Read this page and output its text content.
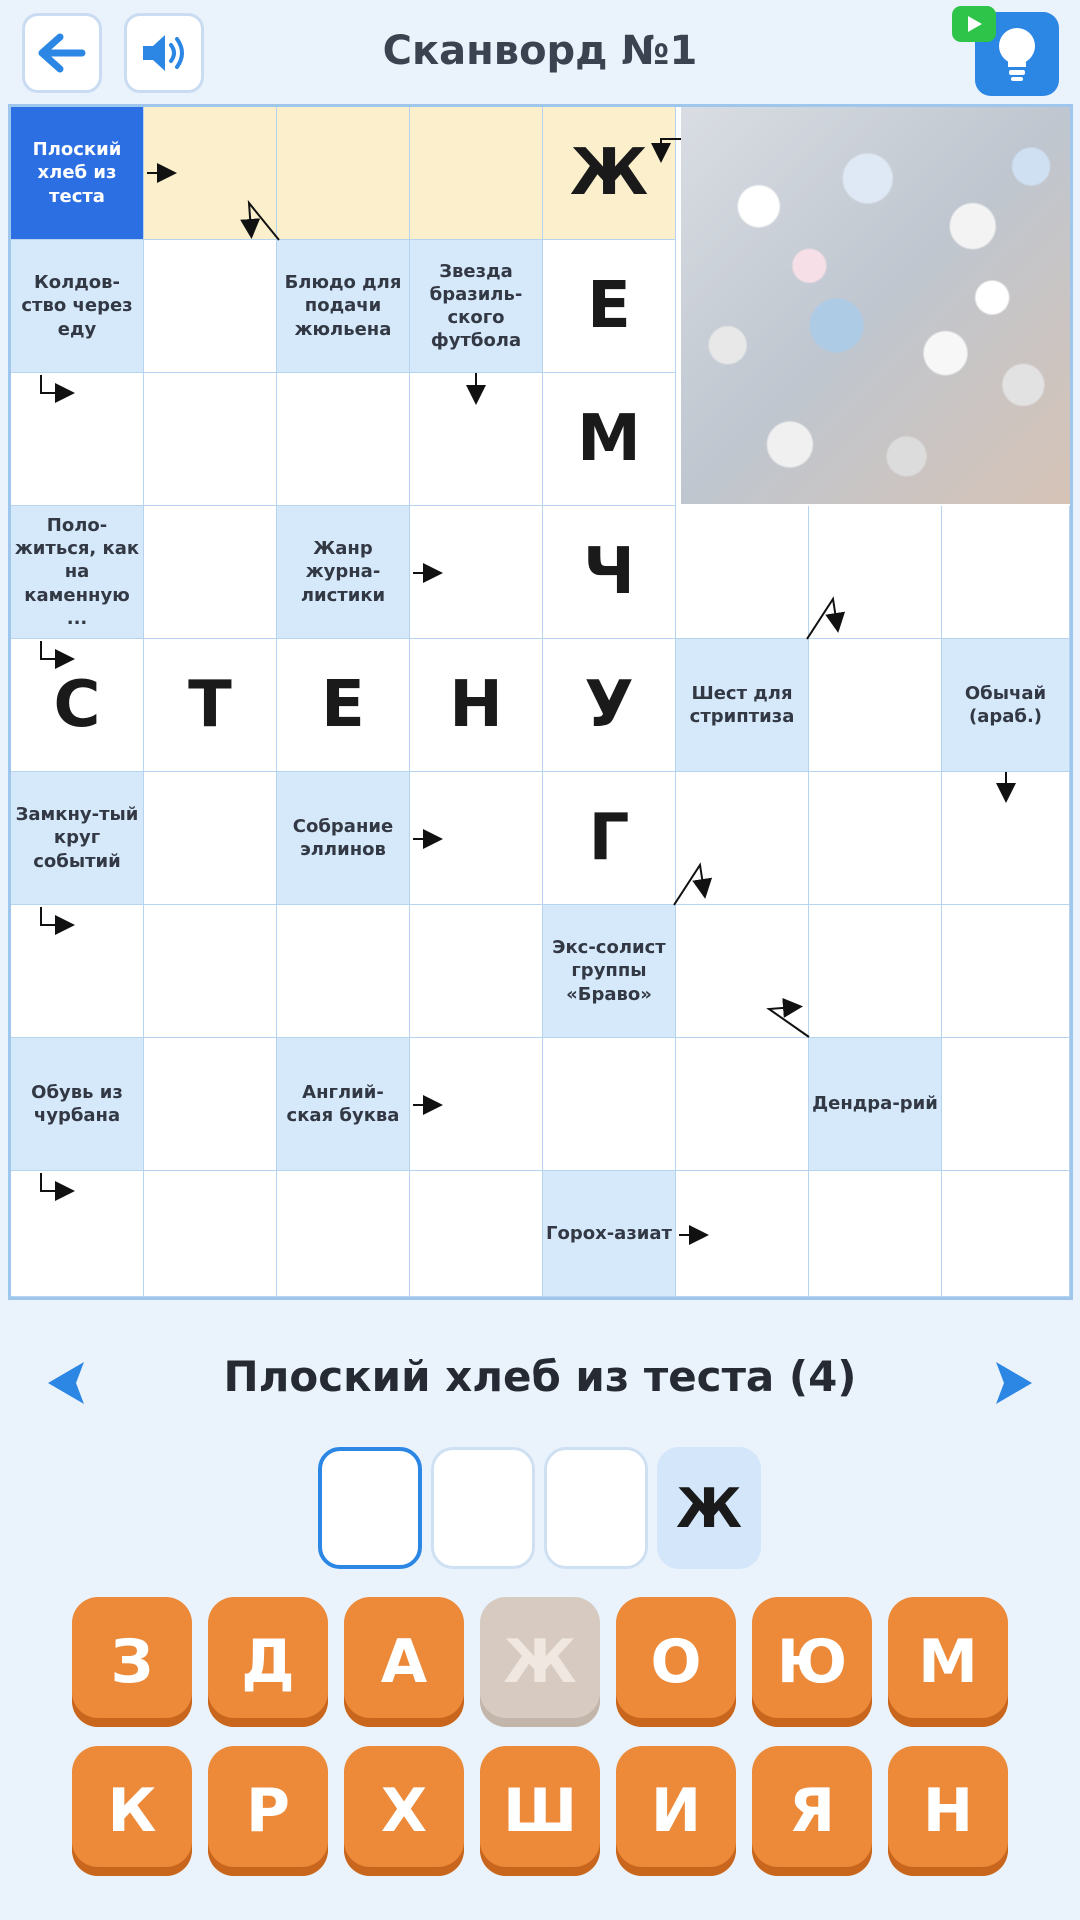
Сканворд №1
Плоский хлеб из теста	Ж
Колдов-ство через еду
Блюдо для подачи жюльена
Звезда бразиль-ского футбола	Е
М
Поло-житься, как на каменную ...
Жанр журна-листики	Ч
С	Т	Е	Н	У	Шест для стриптиза
Обычай (араб.)
Замкну-тый круг событий
Собрание эллинов	Г
Экс-солист группы «Браво»
Обувь из чурбана
Англий-ская буква
Дендра-рий
Горох-азиат
Плоский хлеб из теста (4)
Ж
З	Д	А	Ж	О	Ю	М
К	Р	Х	Ш	И	Я	Н
